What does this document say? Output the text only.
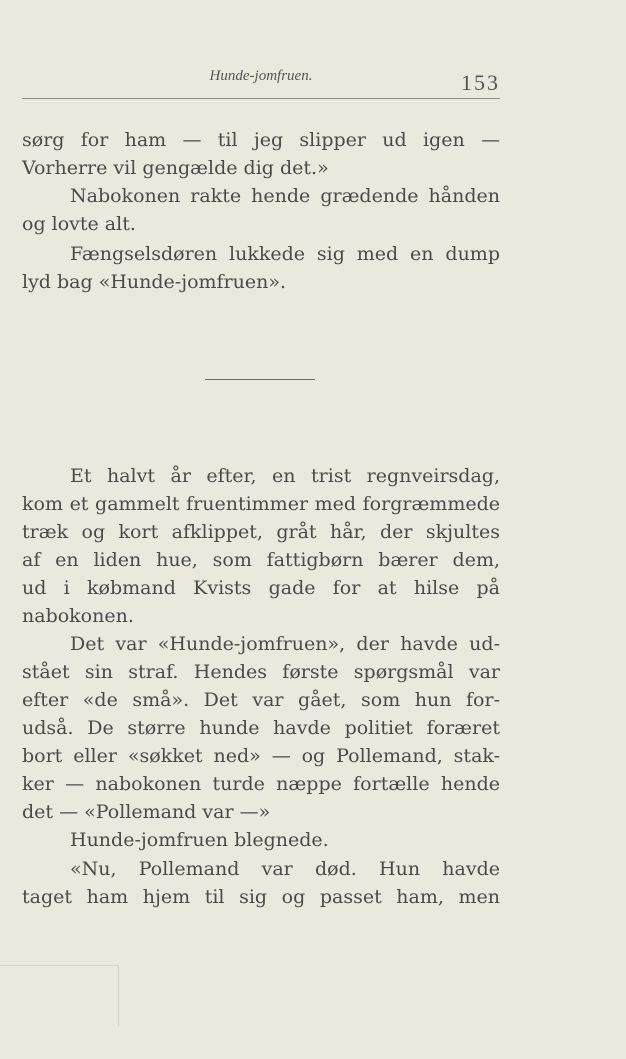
Hunde-jomfruen.	153

sørg for ham — til jeg slipper ud igen —
Vorherre vil gengælde dig det.»

Nabokonen rakte hende grædende hånden
og lovte alt.

Fængselsdøren lukkede sig med en dump
lyd bag «Hunde-jomfruen».

Et halvt år efter, en trist regnveirsdag,
kom et gammelt fruentimmer med forgræmmede
træk og kort afklippet, gråt hår, der skjultes
af en liden hue, som fattigbørn bærer dem,
ud i købmand Kvists gade for at hilse på
nabokonen.

Det var «Hunde-jomfruen», der havde ud-
stået sin straf. Hendes første spørgsmål var
efter «de små». Det var gået, som hun for-
udså. De større hunde havde politiet foræret
bort eller «søkket ned» — og Pollemand, stak-
ker — nabokonen turde næppe fortælle hende
det — «Pollemand var —»

Hunde-jomfruen blegnede.

«Nu, Pollemand var død. Hun havde
taget ham hjem til sig og passet ham, men
